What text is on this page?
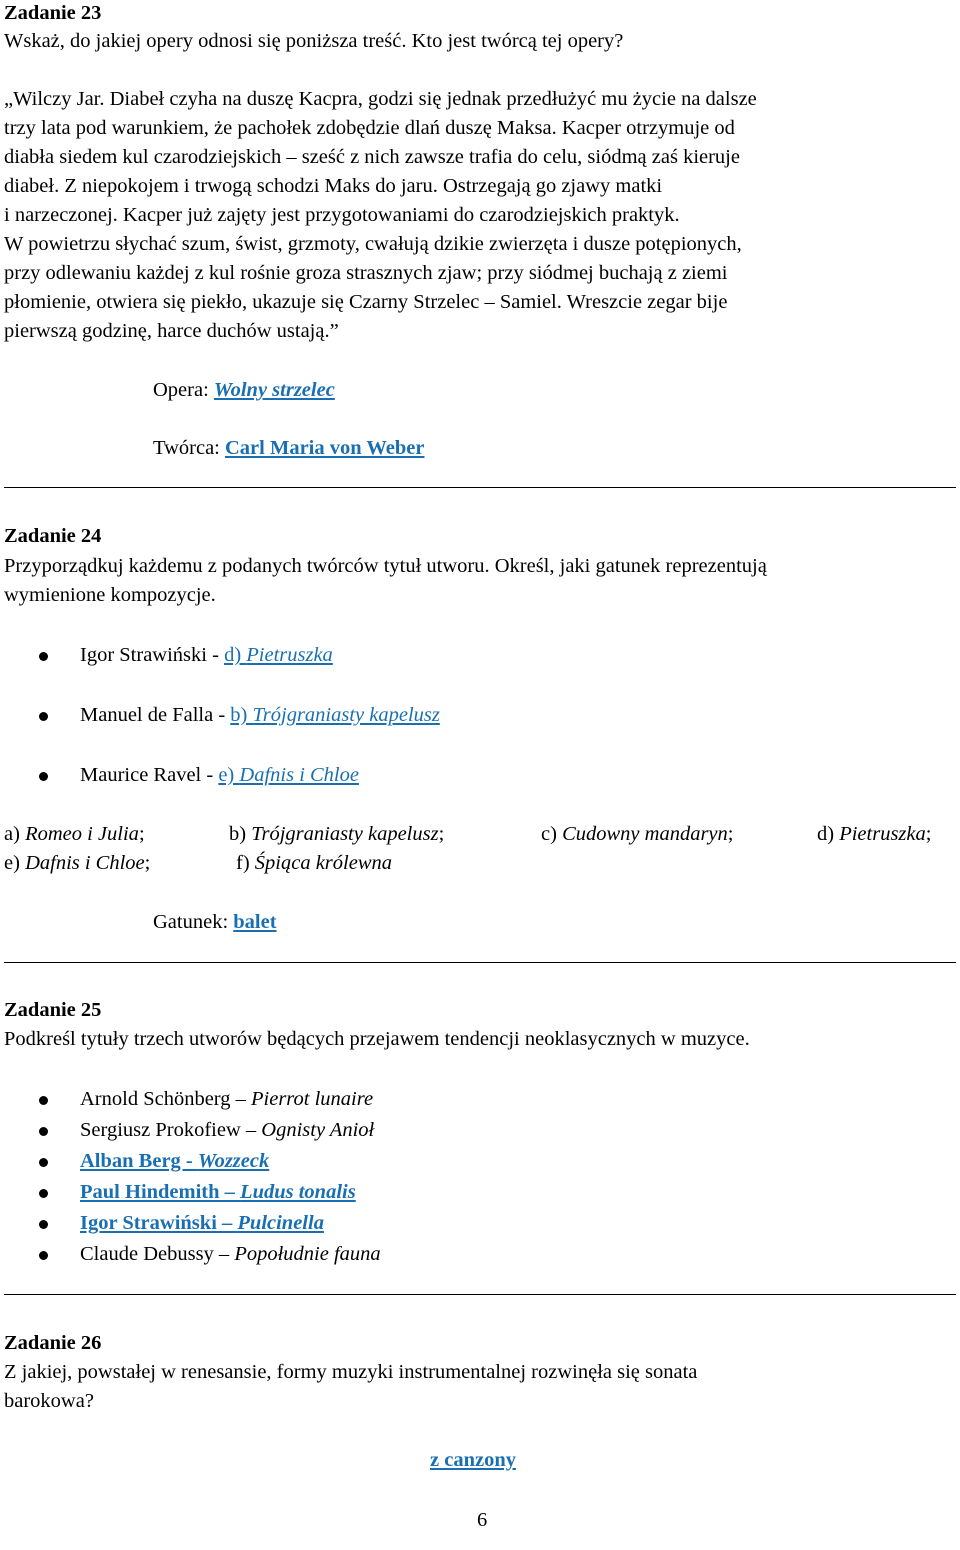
Zadanie 23
Wskaż, do jakiej opery odnosi się poniższa treść. Kto jest twórcą tej opery?
„Wilczy Jar. Diabeł czyha na duszę Kacpra, godzi się jednak przedłużyć mu życie na dalsze
trzy lata pod warunkiem, że pachołek zdobędzie dlań duszę Maksa. Kacper otrzymuje od
diabła siedem kul czarodziejskich – sześć z nich zawsze trafia do celu, siódmą zaś kieruje
diabeł. Z niepokojem i trwogą schodzi Maks do jaru. Ostrzegają go zjawy matki
i narzeczonej. Kacper już zajęty jest przygotowaniami do czarodziejskich praktyk.
W powietrzu słychać szum, świst, grzmoty, cwałują dzikie zwierzęta i dusze potępionych,
przy odlewaniu każdej z kul rośnie groza strasznych zjaw; przy siódmej buchają z ziemi
płomienie, otwiera się piekło, ukazuje się Czarny Strzelec – Samiel. Wreszcie zegar bije
pierwszą godzinę, harce duchów ustają.”
Opera: Wolny strzelec
Twórca: Carl Maria von Weber
Zadanie 24
Przyporządkuj każdemu z podanych twórców tytuł utworu. Określ, jaki gatunek reprezentują
wymienione kompozycje.
Igor Strawiński - d) Pietruszka
Manuel de Falla - b) Trójgraniasty kapelusz
Maurice Ravel - e) Dafnis i Chloe
a) Romeo i Julia;	b) Trójgraniasty kapelusz;	c) Cudowny mandaryn;	d) Pietruszka;
e) Dafnis i Chloe;	f) Śpiąca królewna
Gatunek: balet
Zadanie 25
Podkreśl tytuły trzech utworów będących przejawem tendencji neoklasycznych w muzyce.
Arnold Schönberg – Pierrot lunaire
Sergiusz Prokofiew – Ognisty Anioł
Alban Berg - Wozzeck
Paul Hindemith – Ludus tonalis
Igor Strawiński – Pulcinella
Claude Debussy – Popołudnie fauna
Zadanie 26
Z jakiej, powstałej w renesansie, formy muzyki instrumentalnej rozwinęła się sonata
barokowa?
z canzony
6
